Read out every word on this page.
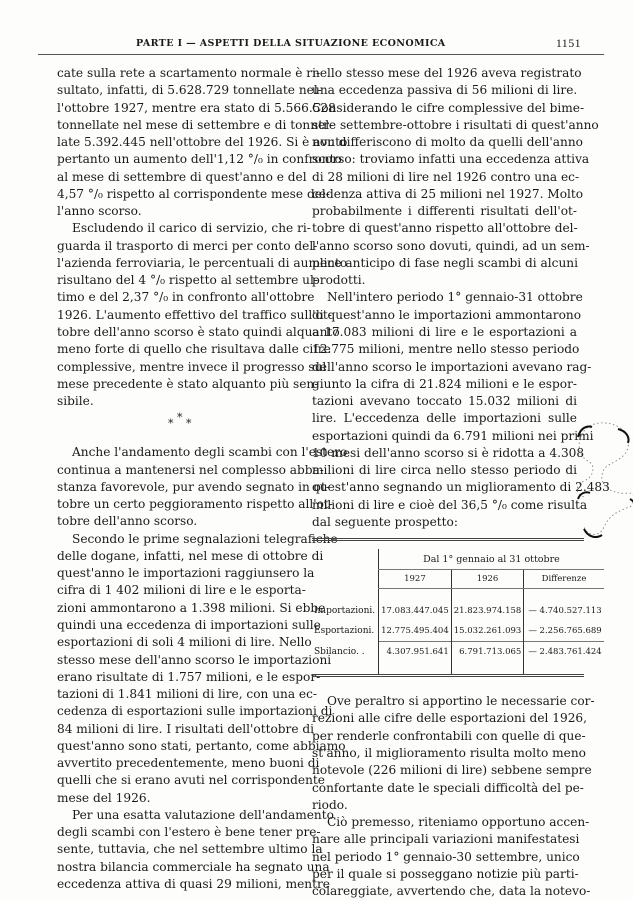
PARTE I — ASPETTI DELLA SITUAZIONE ECONOMICA	1151
cate sulla rete a scartamento normale è ri-
sultato, infatti, di 5.628.729 tonnellate nel-
l'ottobre 1927, mentre era stato di 5.566.528
tonnellate nel mese di settembre e di tonnel-
late 5.392.445 nell'ottobre del 1926. Si è avuto
pertanto un aumento dell'1,12 °/₀ in confronto
al mese di settembre di quest'anno e del
4,57 °/₀ rispetto al corrispondente mese del-
l'anno scorso.
Escludendo il carico di servizio, che ri-
guarda il trasporto di merci per conto del-
l'azienda ferroviaria, le percentuali di aumento
risultano del 4 °/₀ rispetto al settembre ul-
timo e del 2,37 °/₀ in confronto all'ottobre
1926. L'aumento effettivo del traffico sull'ot-
tobre dell'anno scorso è stato quindi alquanto
meno forte di quello che risultava dalle cifre
complessive, mentre invece il progresso sul
mese precedente è stato alquanto più sen-
sibile.
* * *
Anche l'andamento degli scambi con l'estero
continua a mantenersi nel complesso abba-
stanza favorevole, pur avendo segnato in ot-
tobre un certo peggioramento rispetto all'ot-
tobre dell'anno scorso.
Secondo le prime segnalazioni telegrafiche
delle dogane, infatti, nel mese di ottobre di
quest'anno le importazioni raggiunsero la
cifra di 1 402 milioni di lire e le esporta-
zioni ammontarono a 1.398 milioni. Si ebbe
quindi una eccedenza di importazioni sulle
esportazioni di soli 4 milioni di lire. Nello
stesso mese dell'anno scorso le importazioni
erano risultate di 1.757 milioni, e le espor-
tazioni di 1.841 milioni di lire, con una ec-
cedenza di esportazioni sulle importazioni di
84 milioni di lire. I risultati dell'ottobre di
quest'anno sono stati, pertanto, come abbiamo
avvertito precedentemente, meno buoni di
quelli che si erano avuti nel corrispondente
mese del 1926.
Per una esatta valutazione dell'andamento
degli scambi con l'estero è bene tener pre-
sente, tuttavia, che nel settembre ultimo la
nostra bilancia commerciale ha segnato una
eccedenza attiva di quasi 29 milioni, mentre
nello stesso mese del 1926 aveva registrato
una eccedenza passiva di 56 milioni di lire.
Considerando le cifre complessive del bime-
stre settembre-ottobre i risultati di quest'anno
non differiscono di molto da quelli dell'anno
scorso: troviamo infatti una eccedenza attiva
di 28 milioni di lire nel 1926 contro una ec-
cedenza attiva di 25 milioni nel 1927. Molto
probabilmente i differenti risultati dell'ot-
tobre di quest'anno rispetto all'ottobre del-
l'anno scorso sono dovuti, quindi, ad un sem-
plice anticipo di fase negli scambi di alcuni
prodotti.
Nell'intero periodo 1° gennaio-31 ottobre
di quest'anno le importazioni ammontarono
a 17.083 milioni di lire e le esportazioni a
12.775 milioni, mentre nello stesso periodo
dell'anno scorso le importazioni avevano rag-
giunto la cifra di 21.824 milioni e le espor-
tazioni avevano toccato 15.032 milioni di
lire. L'eccedenza delle importazioni sulle
esportazioni quindi da 6.791 milioni nei primi
10 mesi dell'anno scorso si è ridotta a 4.308
milioni di lire circa nello stesso periodo di
quest'anno segnando un miglioramento di 2.483
milioni di lire e cioè del 36,5 °/₀ come risulta
dal seguente prospetto:
	Dal 1° gennaio al 31 ottobre		
	1927	1926	Differenze

Importazioni.	17.083.447.045	21.823.974.158	— 4.740.527.113
Esportazioni.	12.775.495.404	15.032.261.093	— 2.256.765.689

Sbilancio. .	4.307.951.641	6.791.713.065	— 2.483.761.424

Ove peraltro si apportino le necessarie cor-
rezioni alle cifre delle esportazioni del 1926,
per renderle confrontabili con quelle di que-
st'anno, il miglioramento risulta molto meno
notevole (226 milioni di lire) sebbene sempre
confortante date le speciali difficoltà del pe-
riodo.
Ciò premesso, riteniamo opportuno accen-
nare alle principali variazioni manifestatesi
nel periodo 1° gennaio-30 settembre, unico
per il quale si posseggano notizie più parti-
colareggiate, avvertendo che, data la notevo-
